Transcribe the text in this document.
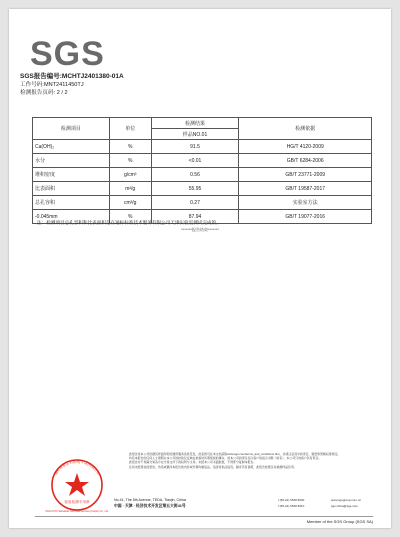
SGS
SGS报告编号:MCHTJ2401380-01A
工作号码:MNT2411450TJ
检测报告页码: 2 / 2
检测项目	单位	检测结果	检测依据
		样品NO.01	
Ca(OH)₂	%	91.5	HG/T 4120-2009
水分	%	<0.01	GB/T 6284-2006
堆积密度	g/cm³	0.56	GB/T 23771-2009
比表面积	m²/g	55.95	GB/T 19587-2017
总孔容积	cm³/g	0.27	实验室方法
-0.045mm	%	87.94	GB/T 19077-2016
注：检测项目总孔容积和比表面积是在通标标准技术服务有限公司天津实验室测试完成的。
*******报告结束*******
此报告是本公司依据其背面所附的通用服务条款签发，此条款可在本文档获取www.sgs.com/terms_and_conditions.htm，并请注意其中的责任、赔偿和管辖权等规定。
持有本报告的任何人士须明白本公司的检验仅反映在检验时所观察到的事实，而本公司的责任仅以客户的指示为限（如有），本公司只向客户负有责任。
此报告并不免除交易各方在交易文件下的权利与义务。未经本公司书面批准，不得部分复制本报告。
任何未经授权的更改、伪造或篡改本报告的内容或外观均属违法，违者将依法追究。除非另有说明，此报告结果仅对被测样品负责。
通标标准技术服务(天津)有限公司
检验检测专用章
SGS-CSTC Standards Technical Services (Tianjin) Co., Ltd.
No.41, The 5th Avenue, TEDA, Tianjin, China
中国 · 天津 · 经济技术开发区第五大街41号
t (86-22) 6528 8000
f (86-22) 6528 8010
www.sgsgroup.com.cn
sgs.china@sgs.com
Member of the SGS Group (SGS SA)
